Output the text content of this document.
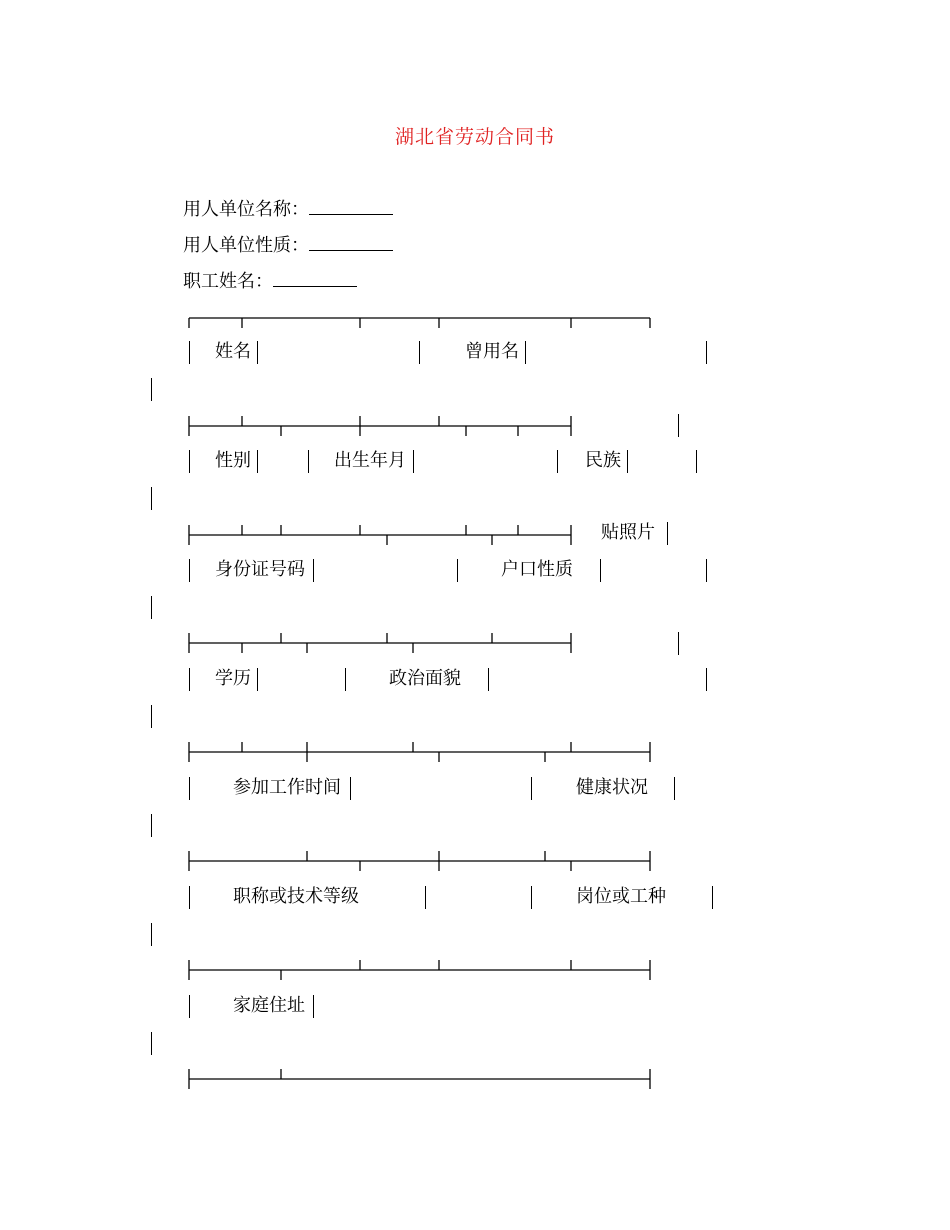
湖北省劳动合同书
用人单位名称：
用人单位性质：
职工姓名：
姓名	曾用名
性别	出生年月	民族
贴照片
身份证号码	户口性质
学历	政治面貌
参加工作时间	健康状况
职称或技术等级	岗位或工种
家庭住址
